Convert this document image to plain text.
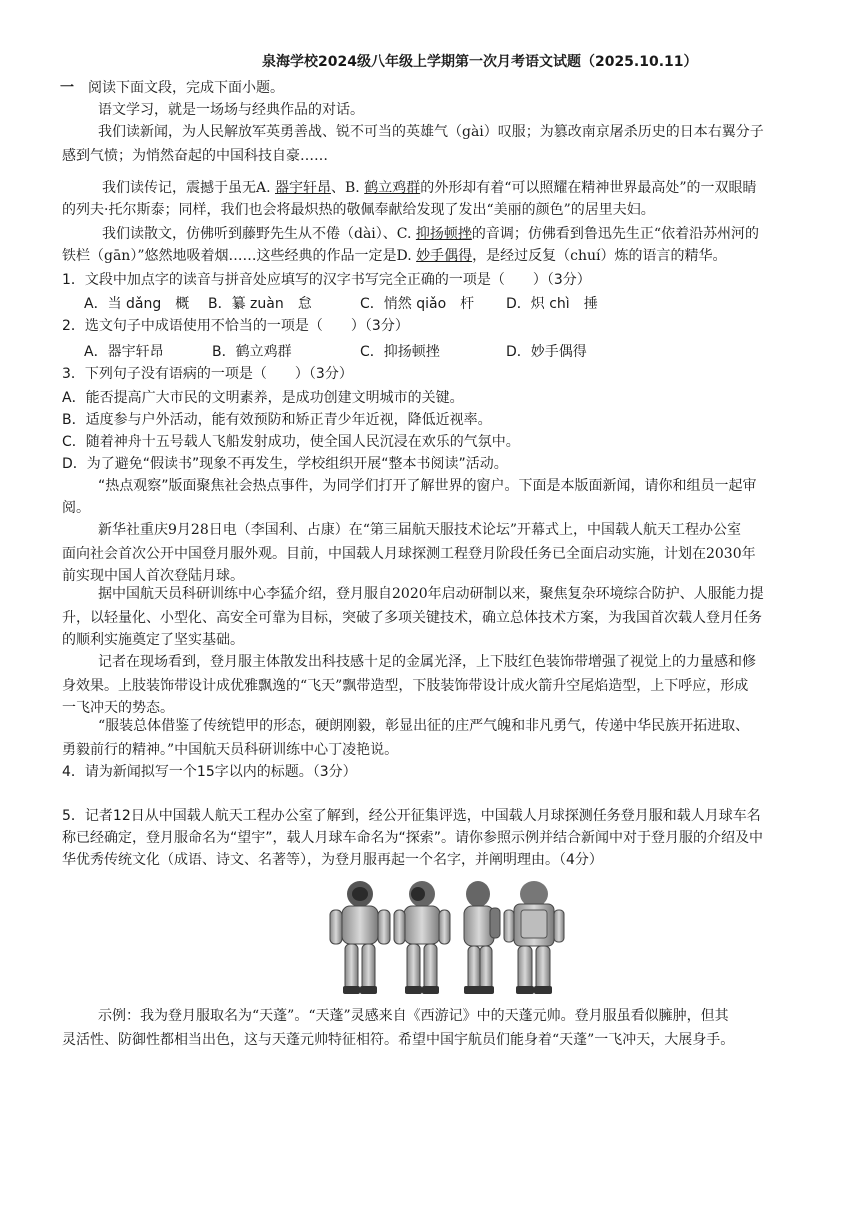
泉海学校2024级八年级上学期第一次月考语文试题（2025.10.11）
一 阅读下面文段，完成下面小题。
语文学习，就是一场场与经典作品的对话。
我们读新闻，为人民解放军英勇善战、锐不可当的英雄气（gài）叹服；为篡改南京屠杀历史的日本右翼分子
感到气愤；为悄然奋起的中国科技自豪……
我们读传记，震撼于虽无A. 器宇轩昂、B. 鹤立鸡群的外形却有着“可以照耀在精神世界最高处”的一双眼睛
的列夫·托尔斯泰；同样，我们也会将最炽热的敬佩奉献给发现了发出“美丽的颜色”的居里夫妇。
我们读散文，仿佛听到藤野先生从不倦（dài）、C. 抑扬顿挫的音调；仿佛看到鲁迅先生正“依着沿苏州河的
铁栏（gān）”悠然地吸着烟……这些经典的作品一定是D. 妙手偶得，是经过反复（chuí）炼的语言的精华。
1．文段中加点字的读音与拼音处应填写的汉字书写完全正确的一项是（　　）（3分）
A．当 dǎng　概 B．纂 zuàn　怠	C．悄然 qiǎo　杆 D．炽 chì　捶
2．选文句子中成语使用不恰当的一项是（　　）（3分）
A．器宇轩昂	B．鹤立鸡群	C．抑扬顿挫	D．妙手偶得
3．下列句子没有语病的一项是（　　）（3分）
A．能否提高广大市民的文明素养，是成功创建文明城市的关键。
B．适度参与户外活动，能有效预防和矫正青少年近视，降低近视率。
C．随着神舟十五号载人飞船发射成功，使全国人民沉浸在欢乐的气氛中。
D．为了避免“假读书”现象不再发生，学校组织开展“整本书阅读”活动。
“热点观察”版面聚焦社会热点事件，为同学们打开了解世界的窗户。下面是本版面新闻，请你和组员一起审
阅。
新华社重庆9月28日电（李国利、占康）在“第三届航天服技术论坛”开幕式上，中国载人航天工程办公室
面向社会首次公开中国登月服外观。目前，中国载人月球探测工程登月阶段任务已全面启动实施，计划在2030年
前实现中国人首次登陆月球。
据中国航天员科研训练中心李猛介绍，登月服自2020年启动研制以来，聚焦复杂环境综合防护、人服能力提
升，以轻量化、小型化、高安全可靠为目标，突破了多项关键技术，确立总体技术方案，为我国首次载人登月任务
的顺利实施奠定了坚实基础。
记者在现场看到，登月服主体散发出科技感十足的金属光泽，上下肢红色装饰带增强了视觉上的力量感和修
身效果。上肢装饰带设计成优雅飘逸的“飞天”飘带造型，下肢装饰带设计成火箭升空尾焰造型，上下呼应，形成
一飞冲天的势态。
“服装总体借鉴了传统铠甲的形态，硬朗刚毅，彰显出征的庄严气魄和非凡勇气，传递中华民族开拓进取、
勇毅前行的精神。”中国航天员科研训练中心丁凌艳说。
4．请为新闻拟写一个15字以内的标题。（3分）
5．记者12日从中国载人航天工程办公室了解到，经公开征集评选，中国载人月球探测任务登月服和载人月球车名
称已经确定，登月服命名为“望宇”，载人月球车命名为“探索”。请你参照示例并结合新闻中对于登月服的介绍及中
华优秀传统文化（成语、诗文、名著等），为登月服再起一个名字，并阐明理由。（4分）
示例：我为登月服取名为“天蓬”。“天蓬”灵感来自《西游记》中的天蓬元帅。登月服虽看似臃肿，但其
灵活性、防御性都相当出色，这与天蓬元帅特征相符。希望中国宇航员们能身着“天蓬”一飞冲天，大展身手。
